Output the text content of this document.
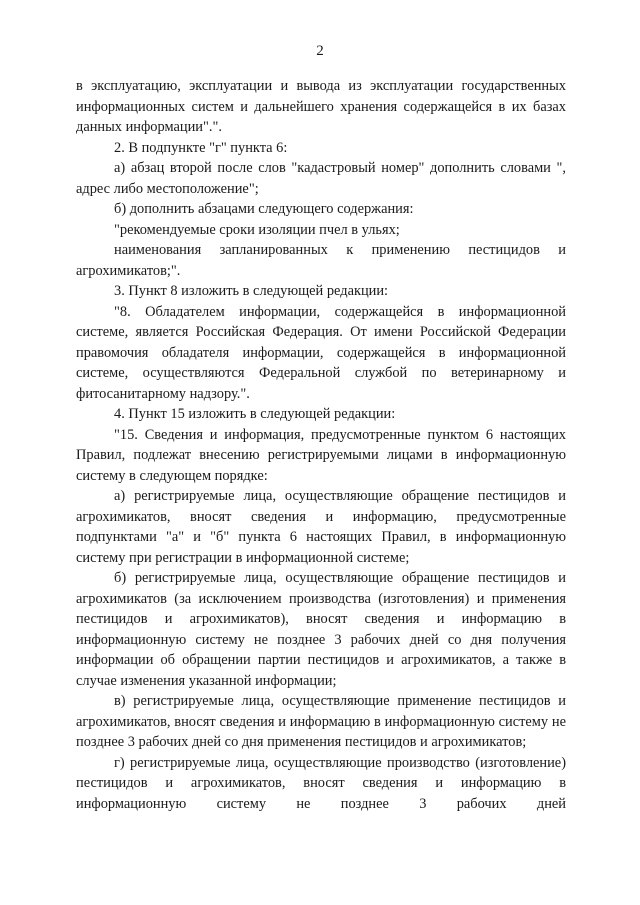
2

в эксплуатацию, эксплуатации и вывода из эксплуатации государственных информационных систем и дальнейшего хранения содержащейся в их базах данных информации".".

2. В подпункте "г" пункта 6:

а) абзац второй после слов "кадастровый номер" дополнить словами ", адрес либо местоположение";

б) дополнить абзацами следующего содержания:

"рекомендуемые сроки изоляции пчел в ульях;

наименования запланированных к применению пестицидов и агрохимикатов;".

3. Пункт 8 изложить в следующей редакции:

"8. Обладателем информации, содержащейся в информационной системе, является Российская Федерация. От имени Российской Федерации правомочия обладателя информации, содержащейся в информационной системе, осуществляются Федеральной службой по ветеринарному и фитосанитарному надзору.".

4. Пункт 15 изложить в следующей редакции:

"15. Сведения и информация, предусмотренные пунктом 6 настоящих Правил, подлежат внесению регистрируемыми лицами в информационную систему в следующем порядке:

а) регистрируемые лица, осуществляющие обращение пестицидов и агрохимикатов, вносят сведения и информацию, предусмотренные подпунктами "а" и "б" пункта 6 настоящих Правил, в информационную систему при регистрации в информационной системе;

б) регистрируемые лица, осуществляющие обращение пестицидов и агрохимикатов (за исключением производства (изготовления) и применения пестицидов и агрохимикатов), вносят сведения и информацию в информационную систему не позднее 3 рабочих дней со дня получения информации об обращении партии пестицидов и агрохимикатов, а также в случае изменения указанной информации;

в) регистрируемые лица, осуществляющие применение пестицидов и агрохимикатов, вносят сведения и информацию в информационную систему не позднее 3 рабочих дней со дня применения пестицидов и агрохимикатов;

г) регистрируемые лица, осуществляющие производство (изготовление) пестицидов и агрохимикатов, вносят сведения и информацию в информационную систему не позднее 3 рабочих дней
